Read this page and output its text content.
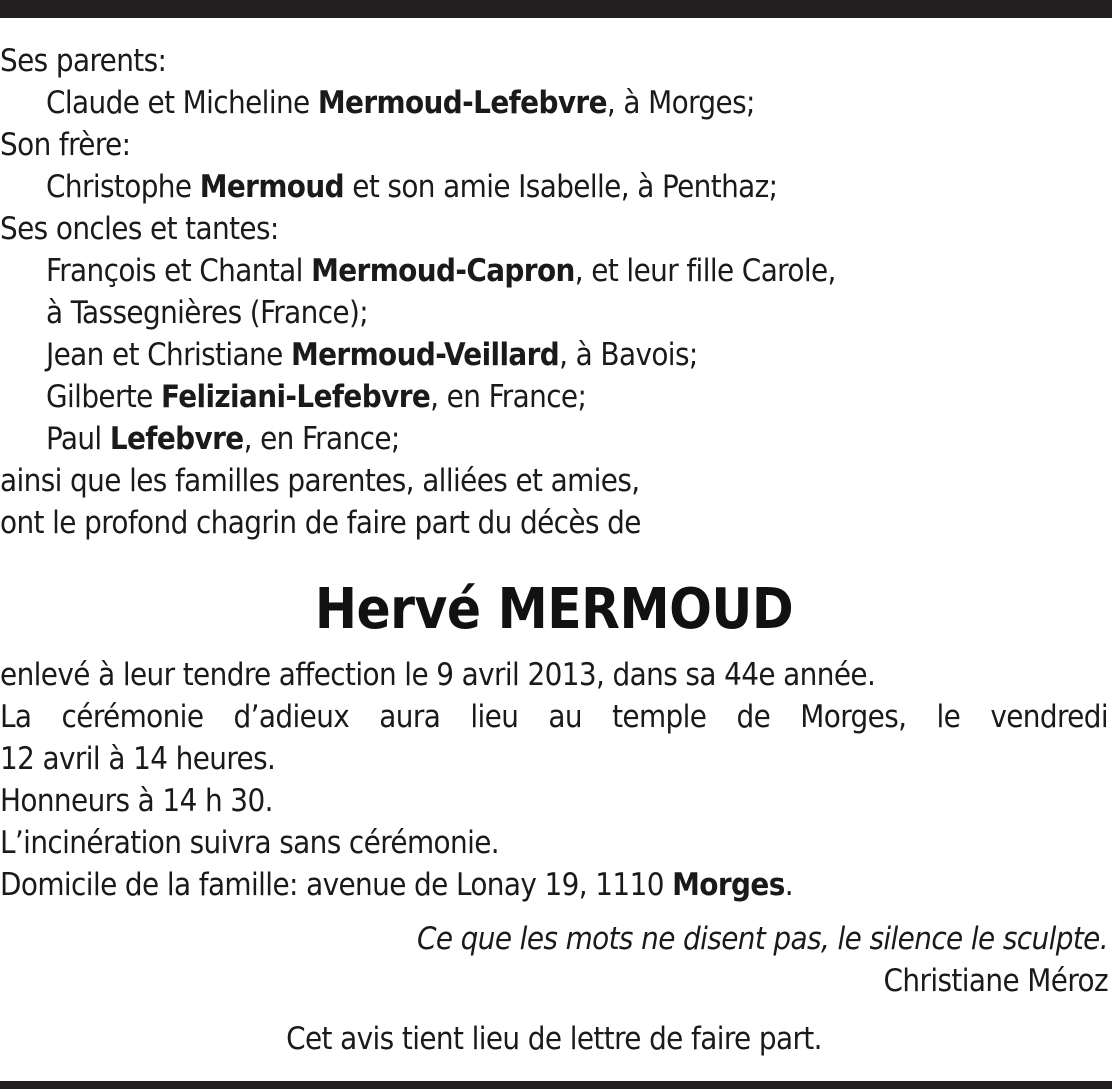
Ses parents:
Claude et Micheline Mermoud-Lefebvre, à Morges;
Son frère:
Christophe Mermoud et son amie Isabelle, à Penthaz;
Ses oncles et tantes:
François et Chantal Mermoud-Capron, et leur fille Carole,
à Tassegnières (France);
Jean et Christiane Mermoud-Veillard, à Bavois;
Gilberte Feliziani-Lefebvre, en France;
Paul Lefebvre, en France;
ainsi que les familles parentes, alliées et amies,
ont le profond chagrin de faire part du décès de
Hervé MERMOUD
enlevé à leur tendre affection le 9 avril 2013, dans sa 44e année.
La cérémonie d’adieux aura lieu au temple de Morges, le vendredi
12 avril à 14 heures.
Honneurs à 14 h 30.
L’incinération suivra sans cérémonie.
Domicile de la famille: avenue de Lonay 19, 1110 Morges.
Ce que les mots ne disent pas, le silence le sculpte.
Christiane Méroz
Cet avis tient lieu de lettre de faire part.
